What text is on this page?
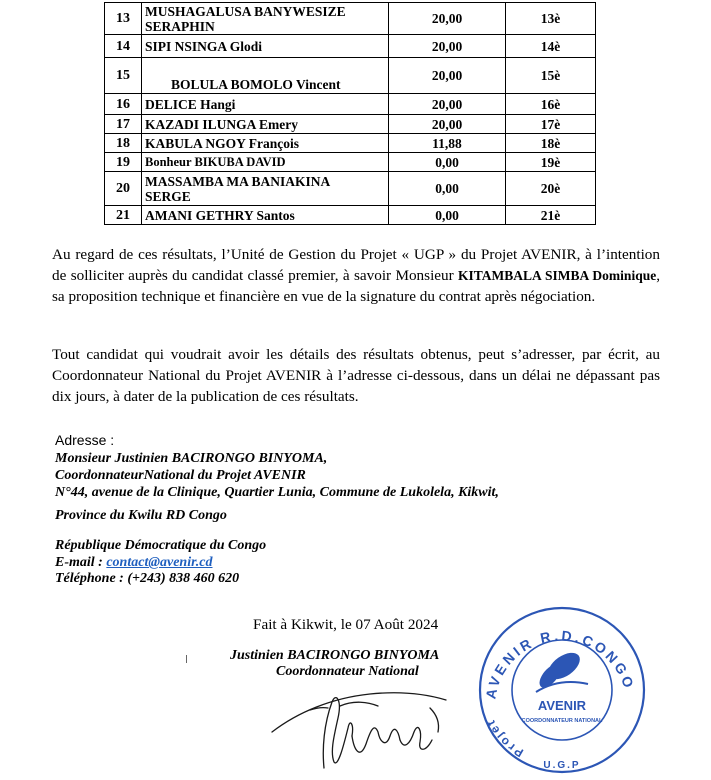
13	MUSHAGALUSA BANYWESIZE
SERAPHIN	20,00	13è
14	SIPI NSINGA Glodi	20,00	14è
15	BOLULA BOMOLO Vincent	20,00	15è
16	DELICE Hangi	20,00	16è
17	KAZADI ILUNGA Emery	20,00	17è
18	KABULA NGOY François	11,88	18è
19	Bonheur BIKUBA DAVID	0,00	19è
20	MASSAMBA MA BANIAKINA
SERGE	0,00	20è
21	AMANI GETHRY Santos	0,00	21è

Au regard de ces résultats, l’Unité de Gestion du Projet « UGP » du Projet AVENIR, à l’intention de solliciter auprès du candidat classé premier, à savoir Monsieur KITAMBALA SIMBA Dominique, sa proposition technique et financière en vue de la signature du contrat après négociation.

Tout candidat qui voudrait avoir les détails des résultats obtenus, peut s’adresser, par écrit, au Coordonnateur National du Projet AVENIR à l’adresse ci-dessous, dans un délai ne dépassant pas dix jours, à dater de la publication de ces résultats.

Adresse :
Monsieur Justinien BACIRONGO BINYOMA,
CoordonnateurNational du Projet AVENIR
N°44, avenue de la Clinique, Quartier Lunia, Commune de Lukolela, Kikwit,
Province du Kwilu RD Congo
République Démocratique du Congo
E-mail : contact@avenir.cd
Téléphone : (+243) 838 460 620
Fait à Kikwit, le 07 Août 2024
Justinien BACIRONGO BINYOMA
Coordonnateur National
AVENIR R.D.CONGO
Projet
AVENIR
COORDONNATEUR NATIONAL
U.G.P
